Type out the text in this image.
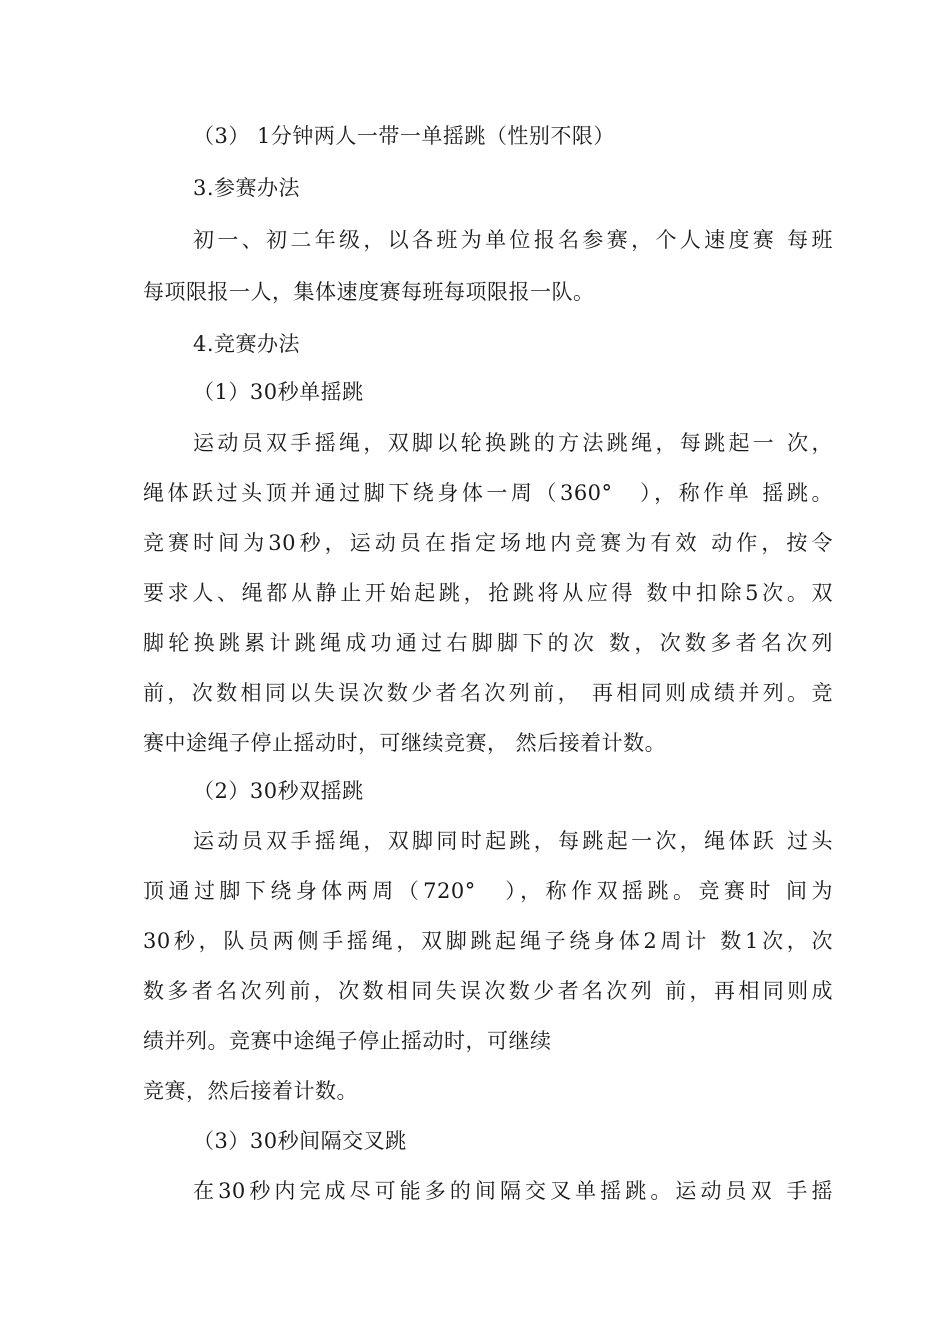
（3） 1分钟两人一带一单摇跳（性别不限）
3.参赛办法
初一、初二年级，以各班为单位报名参赛，个人速度赛 每班
每项限报一人，集体速度赛每班每项限报一队。
4.竞赛办法
（1）30秒单摇跳
运动员双手摇绳，双脚以轮换跳的方法跳绳，每跳起一 次，
绳体跃过头顶并通过脚下绕身体一周（360°　），称作单 摇跳。
竞赛时间为30秒，运动员在指定场地内竞赛为有效 动作，按令
要求人、绳都从静止开始起跳，抢跳将从应得 数中扣除5次。双
脚轮换跳累计跳绳成功通过右脚脚下的次 数，次数多者名次列
前，次数相同以失误次数少者名次列前， 再相同则成绩并列。竞
赛中途绳子停止摇动时，可继续竞赛， 然后接着计数。
（2）30秒双摇跳
运动员双手摇绳，双脚同时起跳，每跳起一次，绳体跃 过头
顶通过脚下绕身体两周（720°　），称作双摇跳。竞赛时 间为
30秒，队员两侧手摇绳，双脚跳起绳子绕身体2周计 数1次，次
数多者名次列前，次数相同失误次数少者名次列 前，再相同则成
绩并列。竞赛中途绳子停止摇动时，可继续
竞赛，然后接着计数。
（3）30秒间隔交叉跳
在30秒内完成尽可能多的间隔交叉单摇跳。运动员双 手摇
